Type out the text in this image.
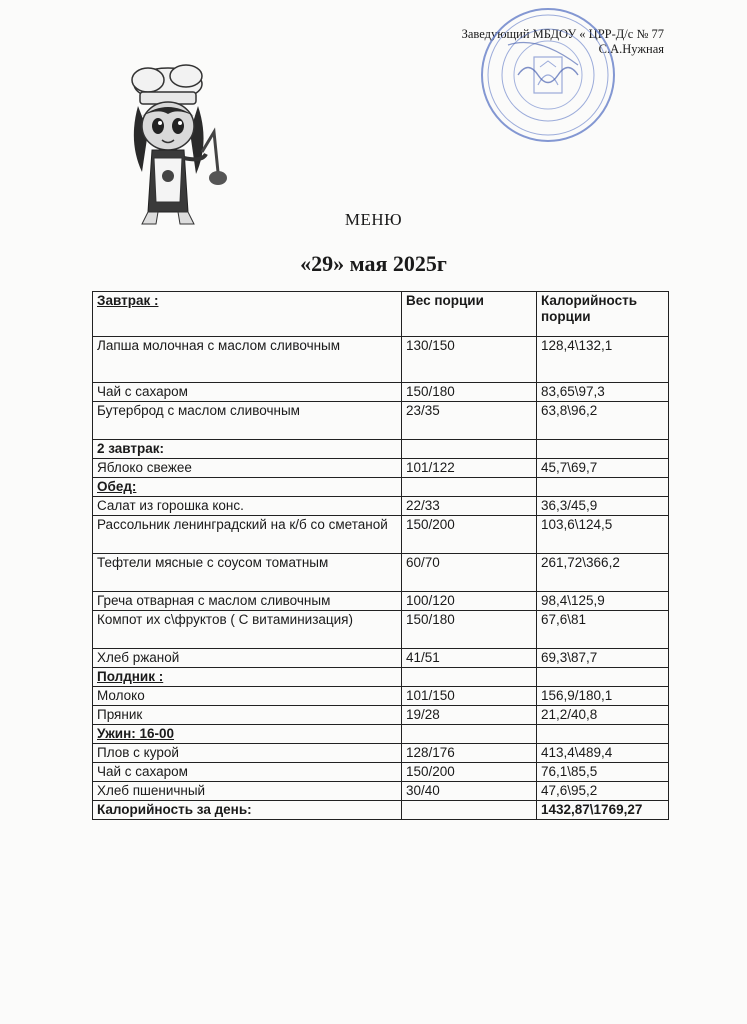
Заведующий МБДОУ « ЦРР-Д/с № 77
С.А.Нужная
МЕНЮ
«29» мая 2025г
Завтрак :	Вес порции	Калорийность порции
Лапша молочная с маслом сливочным	130/150	128,4\132,1
Чай с сахаром	150/180	83,65\97,3
Бутерброд с маслом сливочным	23/35	63,8\96,2
2 завтрак:		
Яблоко свежее	101/122	45,7\69,7
Обед:		
Салат из горошка конс.	22/33	36,3/45,9
Рассольник ленинградский на к/б со сметаной	150/200	103,6\124,5
Тефтели мясные с соусом томатным	60/70	261,72\366,2
Греча отварная с маслом сливочным	100/120	98,4\125,9
Компот их с\фруктов ( С витаминизация)	150/180	67,6\81
Хлеб ржаной	41/51	69,3\87,7
Полдник :		
Молоко	101/150	156,9/180,1
Пряник	19/28	21,2/40,8
Ужин: 16-00		
Плов с курой	128/176	413,4\489,4
Чай с сахаром	150/200	76,1\85,5
Хлеб пшеничный	30/40	47,6\95,2
Калорийность за день:		1432,87\1769,27
